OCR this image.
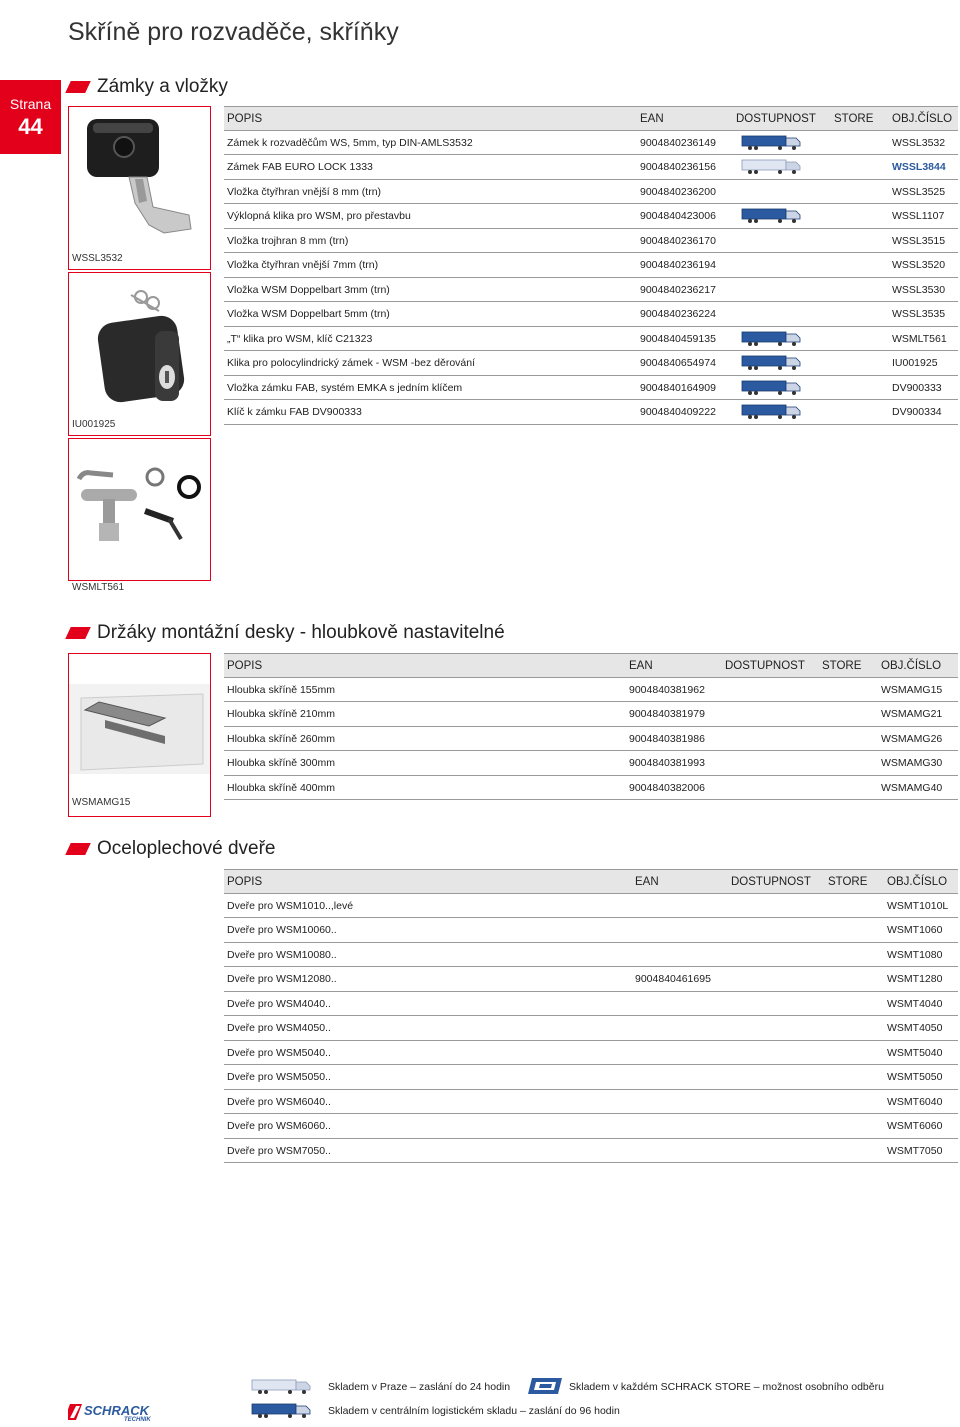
Skříně pro rozvaděče, skříňky
Strana
44
Zámky a vložky
WSSL3532
IU001925
WSMLT561
POPIS	EAN	DOSTUPNOST STORE OBJ.ČÍSLO
Zámek k rozvaděčům WS, 5mm, typ DIN-AMLS3532	9004840236149	WSSL3532
Zámek FAB EURO LOCK 1333	9004840236156	WSSL3844
Vložka čtyřhran vnější 8 mm (trn)	9004840236200	WSSL3525
Výklopná klika pro WSM, pro přestavbu	9004840423006	WSSL1107
Vložka trojhran 8 mm (trn)	9004840236170	WSSL3515
Vložka čtyřhran vnější 7mm (trn)	9004840236194	WSSL3520
Vložka WSM Doppelbart 3mm (trn)	9004840236217	WSSL3530
Vložka WSM Doppelbart 5mm (trn)	9004840236224	WSSL3535
„T“ klika pro WSM, klíč C21323	9004840459135	WSMLT561
Klika pro polocylindrický zámek - WSM -bez děrování	9004840654974	IU001925
Vložka zámku FAB, systém EMKA s jedním klíčem	9004840164909	DV900333
Klíč k zámku FAB DV900333	9004840409222	DV900334
Držáky montážní desky - hloubkově nastavitelné
WSMAMG15
POPIS	EAN	DOSTUPNOST STORE OBJ.ČÍSLO
Hloubka skříně 155mm	9004840381962	WSMAMG15
Hloubka skříně 210mm	9004840381979	WSMAMG21
Hloubka skříně 260mm	9004840381986	WSMAMG26
Hloubka skříně 300mm	9004840381993	WSMAMG30
Hloubka skříně 400mm	9004840382006	WSMAMG40
Oceloplechové dveře
POPIS	EAN	DOSTUPNOST STORE OBJ.ČÍSLO
Dveře pro WSM1010..,levé	WSMT1010L
Dveře pro WSM10060..	WSMT1060
Dveře pro WSM10080..	WSMT1080
Dveře pro WSM12080..	9004840461695	WSMT1280
Dveře pro WSM4040..	WSMT4040
Dveře pro WSM4050..	WSMT4050
Dveře pro WSM5040..	WSMT5040
Dveře pro WSM5050..	WSMT5050
Dveře pro WSM6040..	WSMT6040
Dveře pro WSM6060..	WSMT6060
Dveře pro WSM7050..	WSMT7050
SCHRACK
TECHNIK
Skladem v Praze – zaslání do 24 hodin	Skladem v každém SCHRACK STORE – možnost osobního odběru
Skladem v centrálním logistickém skladu – zaslání do 96 hodin
